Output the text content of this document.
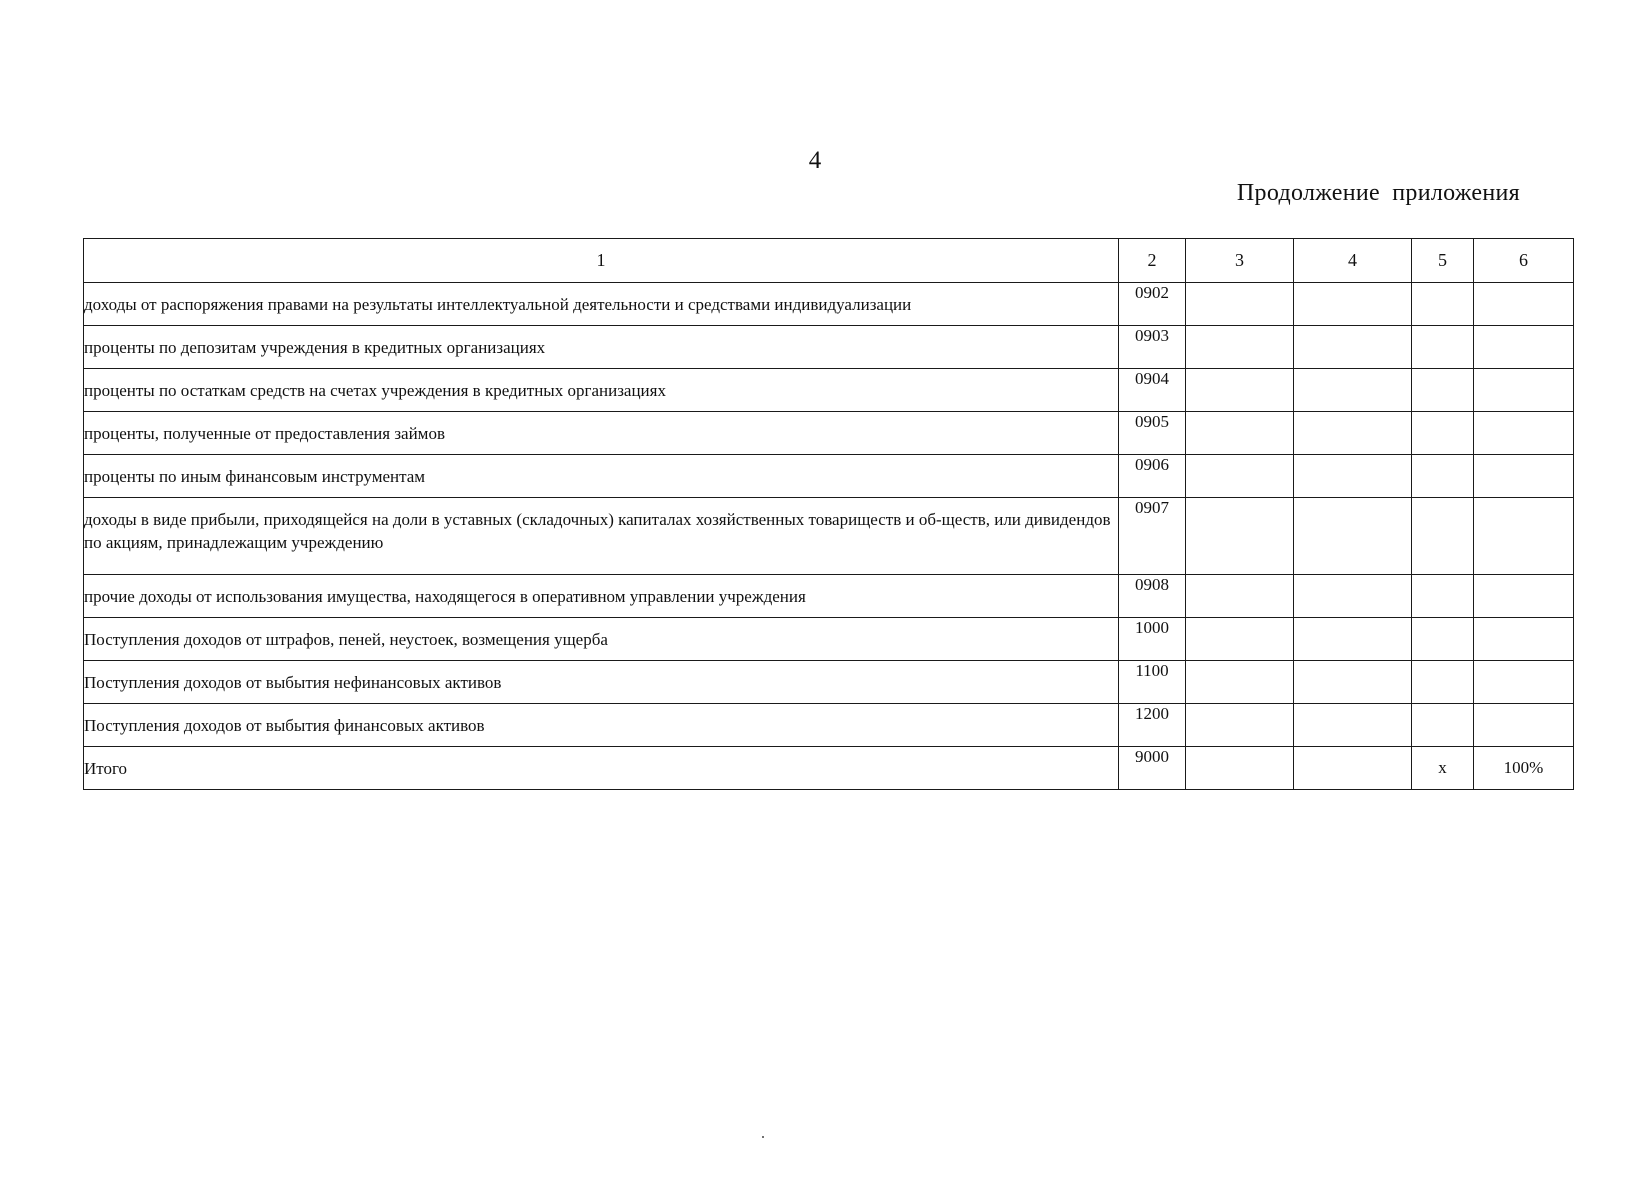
4
Продолжение приложения
1	2	3	4	5	6
доходы от распоряжения правами на результаты интеллектуальной деятельности и средствами индивидуализации	0902				
проценты по депозитам учреждения в кредитных организациях	0903				
проценты по остаткам средств на счетах учреждения в кредитных организациях	0904				
проценты, полученные от предоставления займов	0905				
проценты по иным финансовым инструментам	0906				
доходы в виде прибыли, приходящейся на доли в уставных (складочных) капиталах хозяйственных товариществ и об-ществ, или дивидендов по акциям, принадлежащим учреждению	0907				
прочие доходы от использования имущества, находящегося в оперативном управлении учреждения	0908				
Поступления доходов от штрафов, пеней, неустоек, возмещения ущерба	1000				
Поступления доходов от выбытия нефинансовых активов	1100				
Поступления доходов от выбытия финансовых активов	1200				
Итого	9000			x	100%
